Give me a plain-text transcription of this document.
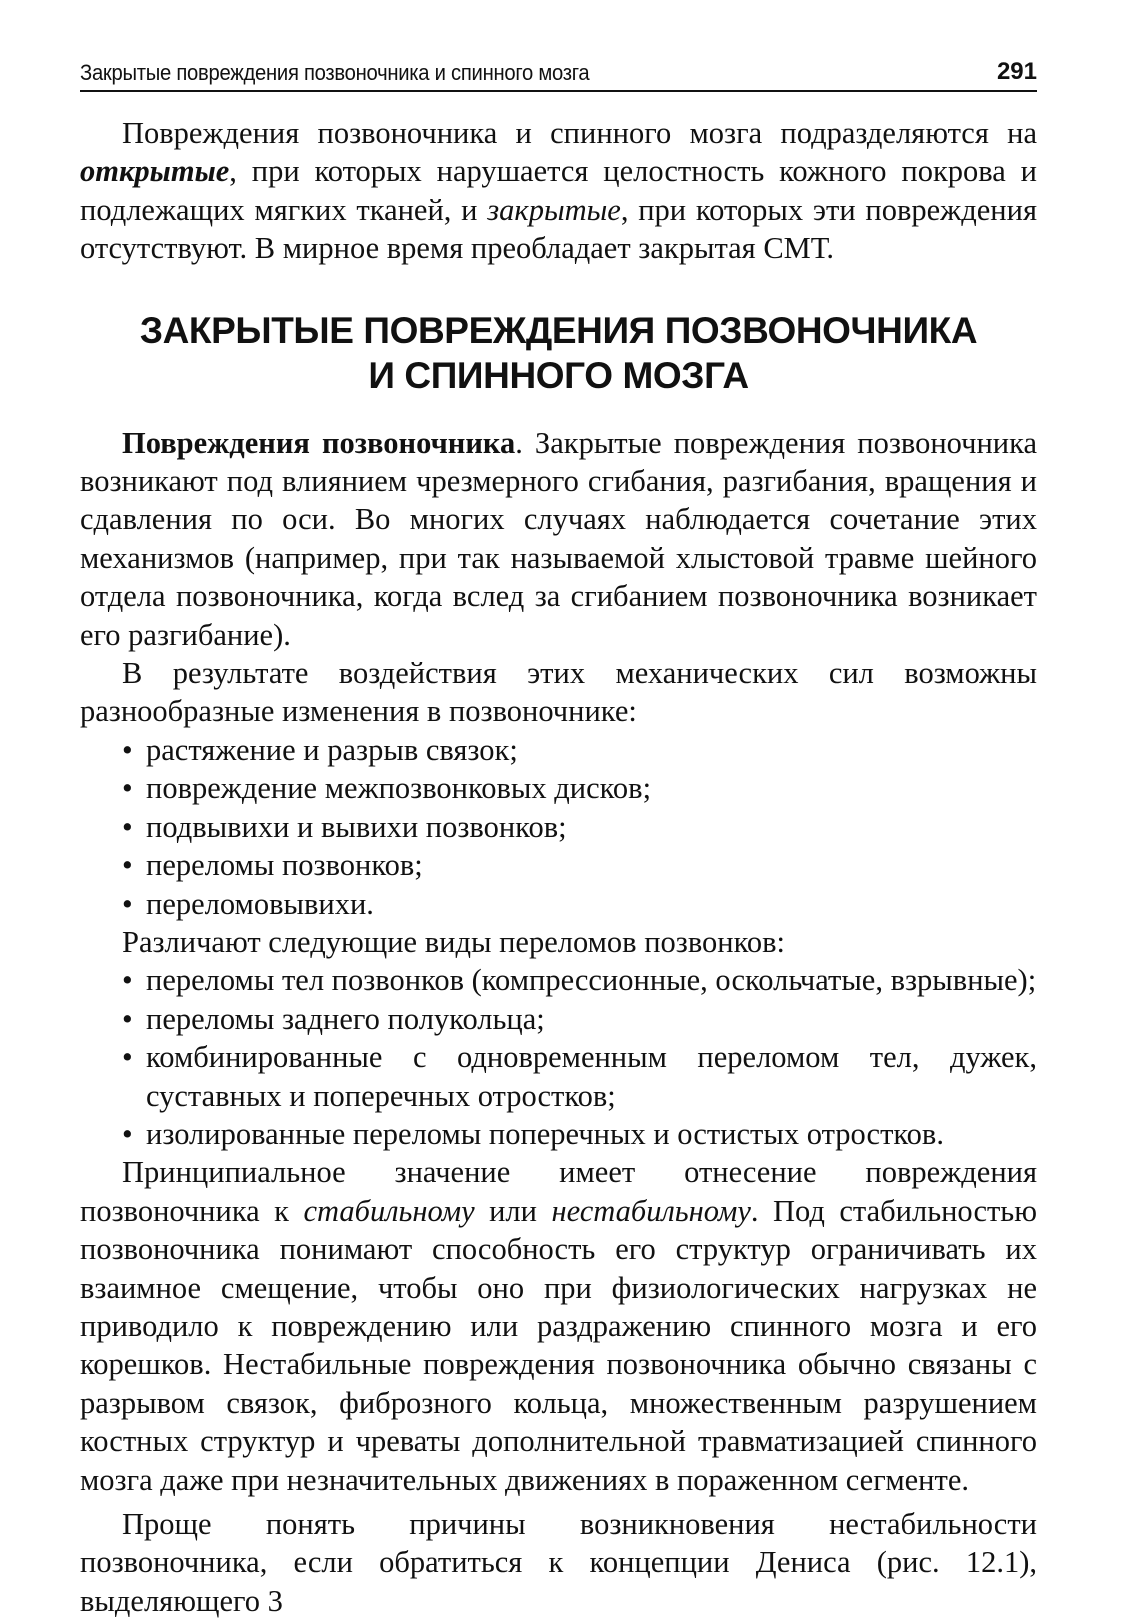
Закрытые повреждения позвоночника и спинного мозга	291

Повреждения позвоночника и спинного мозга подразделяются на открытые, при которых нарушается целостность кожного покрова и подлежащих мягких тканей, и закрытые, при которых эти повреждения отсутствуют. В мирное время преобладает закрытая СМТ.

ЗАКРЫТЫЕ ПОВРЕЖДЕНИЯ ПОЗВОНОЧНИКА
И СПИННОГО МОЗГА

Повреждения позвоночника. Закрытые повреждения позвоночника возникают под влиянием чрезмерного сгибания, разгибания, вращения и сдавления по оси. Во многих случаях наблюдается сочетание этих механизмов (например, при так называемой хлыстовой травме шейного отдела позвоночника, когда вслед за сгибанием позвоночника возникает его разгибание).

В результате воздействия этих механических сил возможны разнообразные изменения в позвоночнике:

• растяжение и разрыв связок;
• повреждение межпозвонковых дисков;
• подвывихи и вывихи позвонков;
• переломы позвонков;
• переломовывихи.

Различают следующие виды переломов позвонков:

• переломы тел позвонков (компрессионные, оскольчатые, взрывные);
• переломы заднего полукольца;
• комбинированные с одновременным переломом тел, дужек, суставных и поперечных отростков;
• изолированные переломы поперечных и остистых отростков.

Принципиальное значение имеет отнесение повреждения позвоночника к стабильному или нестабильному. Под стабильностью позвоночника понимают способность его структур ограничивать их взаимное смещение, чтобы оно при физиологических нагрузках не приводило к повреждению или раздражению спинного мозга и его корешков. Нестабильные повреждения позвоночника обычно связаны с разрывом связок, фиброзного кольца, множественным разрушением костных структур и чреваты дополнительной травматизацией спинного мозга даже при незначительных движениях в пораженном сегменте.

Проще понять причины возникновения нестабильности позвоночника, если обратиться к концепции Дениса (рис. 12.1), выделяющего 3
